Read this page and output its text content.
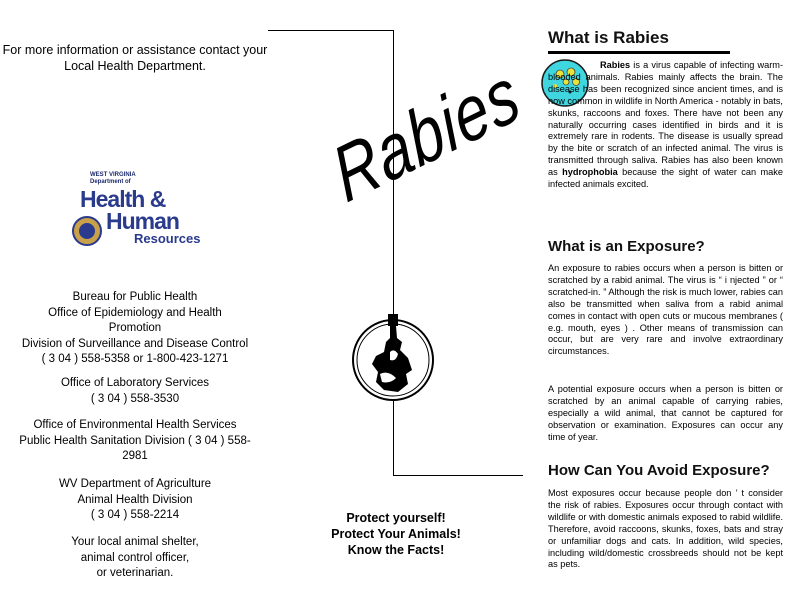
For more information or assistance contact your Local Health Department.
WEST VIRGINIA
Department of
Health &
Human
Resources
Bureau for Public Health
Office of Epidemiology and Health Promotion
Division of Surveillance and Disease Control
( 3 04 ) 558-5358 or 1-800-423-1271
Office of Laboratory Services
( 3 04 ) 558-3530
Office of Environmental Health Services
Public Health Sanitation Division ( 3 04 ) 558-2981
WV Department of Agriculture
Animal Health Division
( 3 04 ) 558-2214
Your local animal shelter,
animal control officer,
or veterinarian.
Rabies
Protect yourself!
Protect Your Animals!
Know the Facts!
What is Rabies
Rabies is a virus capable of infecting warm-blooded animals. Rabies mainly affects the brain. The disease has been recognized since ancient times, and is now common in wildlife in North America - notably in bats, skunks, raccoons and foxes. There have not been any naturally occurring cases identified in birds and it is extremely rare in rodents. The disease is usually spread by the bite or scratch of an infected animal. The virus is transmitted through saliva. Rabies has also been known as hydrophobia because the sight of water can make infected animals excited.
What is an Exposure?
An exposure to rabies occurs when a person is bitten or scratched by a rabid animal. The virus is “ i njected ” or “ scratched-in. ” Although the risk is much lower, rabies can also be transmitted when saliva from a rabid animal comes in contact with open cuts or mucous membranes ( e.g. mouth, eyes ) . Other means of transmission can occur, but are very rare and involve extraordinary circumstances.
A potential exposure occurs when a person is bitten or scratched by an animal capable of carrying rabies, especially a wild animal, that cannot be captured for observation or examination. Exposures can occur any time of year.
How Can You Avoid Exposure?
Most exposures occur because people don ’ t consider the risk of rabies. Exposures occur through contact with wildlife or with domestic animals exposed to rabid wildlife. Therefore, avoid raccoons, skunks, foxes, bats and stray or unfamiliar dogs and cats. In addition, wild species, including wild/domestic crossbreeds should not be kept as pets.
